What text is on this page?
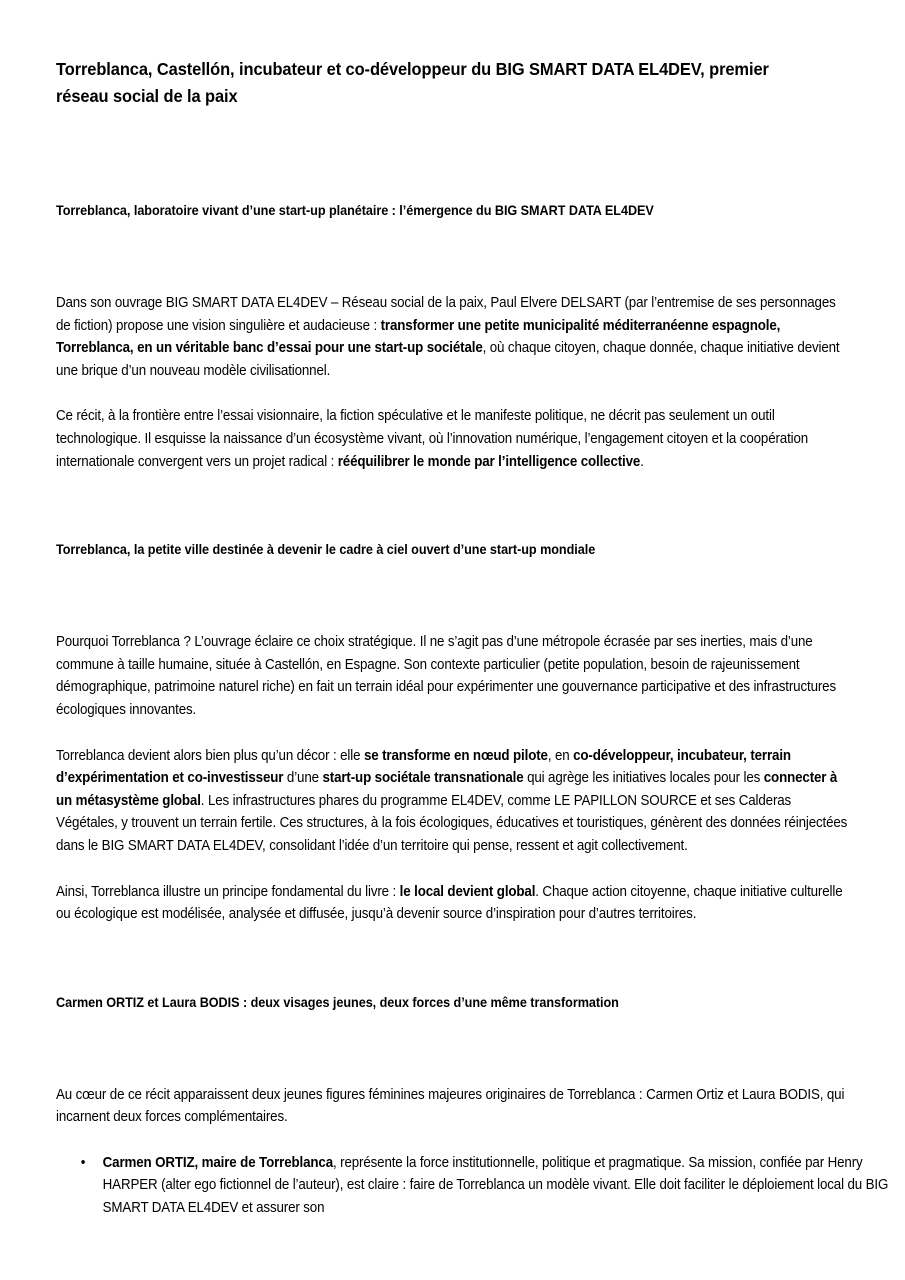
Torreblanca, Castellón, incubateur et co-développeur du BIG SMART DATA EL4DEV, premier réseau social de la paix
Torreblanca, laboratoire vivant d’une start-up planétaire : l’émergence du BIG SMART DATA EL4DEV

Dans son ouvrage BIG SMART DATA EL4DEV – Réseau social de la paix, Paul Elvere DELSART (par l’entremise de ses personnages de fiction) propose une vision singulière et audacieuse : transformer une petite municipalité méditerranéenne espagnole, Torreblanca, en un véritable banc d’essai pour une start-up sociétale, où chaque citoyen, chaque donnée, chaque initiative devient une brique d’un nouveau modèle civilisationnel.

Ce récit, à la frontière entre l’essai visionnaire, la fiction spéculative et le manifeste politique, ne décrit pas seulement un outil technologique. Il esquisse la naissance d’un écosystème vivant, où l’innovation numérique, l’engagement citoyen et la coopération internationale convergent vers un projet radical : rééquilibrer le monde par l’intelligence collective.

Torreblanca, la petite ville destinée à devenir le cadre à ciel ouvert d’une start-up mondiale

Pourquoi Torreblanca ? L’ouvrage éclaire ce choix stratégique. Il ne s’agit pas d’une métropole écrasée par ses inerties, mais d’une commune à taille humaine, située à Castellón, en Espagne. Son contexte particulier (petite population, besoin de rajeunissement démographique, patrimoine naturel riche) en fait un terrain idéal pour expérimenter une gouvernance participative et des infrastructures écologiques innovantes.

Torreblanca devient alors bien plus qu’un décor : elle se transforme en nœud pilote, en co-développeur, incubateur, terrain d’expérimentation et co-investisseur d’une start-up sociétale transnationale qui agrège les initiatives locales pour les connecter à un métasystème global. Les infrastructures phares du programme EL4DEV, comme LE PAPILLON SOURCE et ses Calderas Végétales, y trouvent un terrain fertile. Ces structures, à la fois écologiques, éducatives et touristiques, génèrent des données réinjectées dans le BIG SMART DATA EL4DEV, consolidant l’idée d’un territoire qui pense, ressent et agit collectivement.

Ainsi, Torreblanca illustre un principe fondamental du livre : le local devient global. Chaque action citoyenne, chaque initiative culturelle ou écologique est modélisée, analysée et diffusée, jusqu’à devenir source d’inspiration pour d’autres territoires.

Carmen ORTIZ et Laura BODIS : deux visages jeunes, deux forces d’une même transformation

Au cœur de ce récit apparaissent deux jeunes figures féminines majeures originaires de Torreblanca : Carmen Ortiz et Laura BODIS, qui incarnent deux forces complémentaires.

• Carmen ORTIZ, maire de Torreblanca, représente la force institutionnelle, politique et pragmatique. Sa mission, confiée par Henry HARPER (alter ego fictionnel de l’auteur), est claire : faire de Torreblanca un modèle vivant. Elle doit faciliter le déploiement local du BIG SMART DATA EL4DEV et assurer son
